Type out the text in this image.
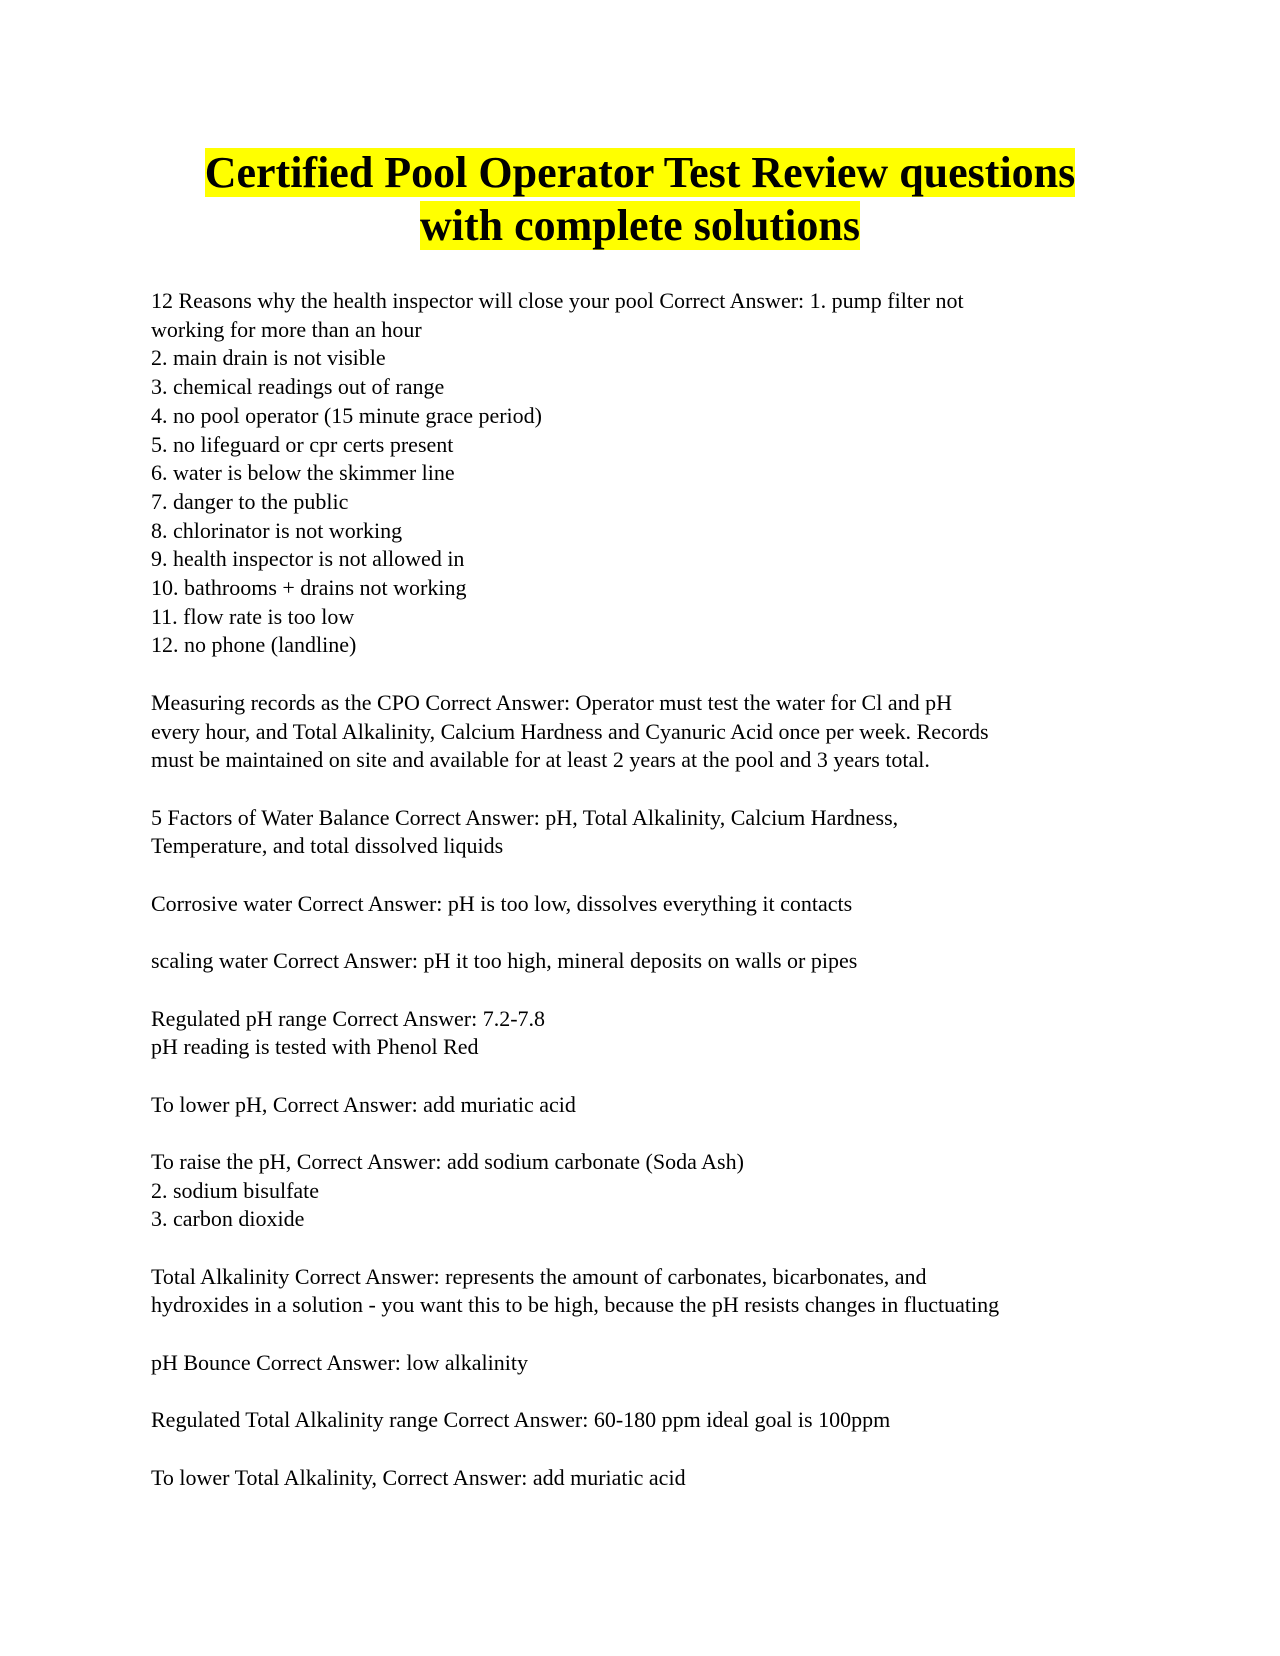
Certified Pool Operator Test Review questions
with complete solutions
12 Reasons why the health inspector will close your pool Correct Answer: 1. pump filter not
working for more than an hour
2. main drain is not visible
3. chemical readings out of range
4. no pool operator (15 minute grace period)
5. no lifeguard or cpr certs present
6. water is below the skimmer line
7. danger to the public
8. chlorinator is not working
9. health inspector is not allowed in
10. bathrooms + drains not working
11. flow rate is too low
12. no phone (landline)
Measuring records as the CPO Correct Answer: Operator must test the water for Cl and pH
every hour, and Total Alkalinity, Calcium Hardness and Cyanuric Acid once per week. Records
must be maintained on site and available for at least 2 years at the pool and 3 years total.
5 Factors of Water Balance Correct Answer: pH, Total Alkalinity, Calcium Hardness,
Temperature, and total dissolved liquids
Corrosive water Correct Answer: pH is too low, dissolves everything it contacts
scaling water Correct Answer: pH it too high, mineral deposits on walls or pipes
Regulated pH range Correct Answer: 7.2-7.8
pH reading is tested with Phenol Red
To lower pH, Correct Answer: add muriatic acid
To raise the pH, Correct Answer: add sodium carbonate (Soda Ash)
2. sodium bisulfate
3. carbon dioxide
Total Alkalinity Correct Answer: represents the amount of carbonates, bicarbonates, and
hydroxides in a solution - you want this to be high, because the pH resists changes in fluctuating
pH Bounce Correct Answer: low alkalinity
Regulated Total Alkalinity range Correct Answer: 60-180 ppm ideal goal is 100ppm
To lower Total Alkalinity, Correct Answer: add muriatic acid
